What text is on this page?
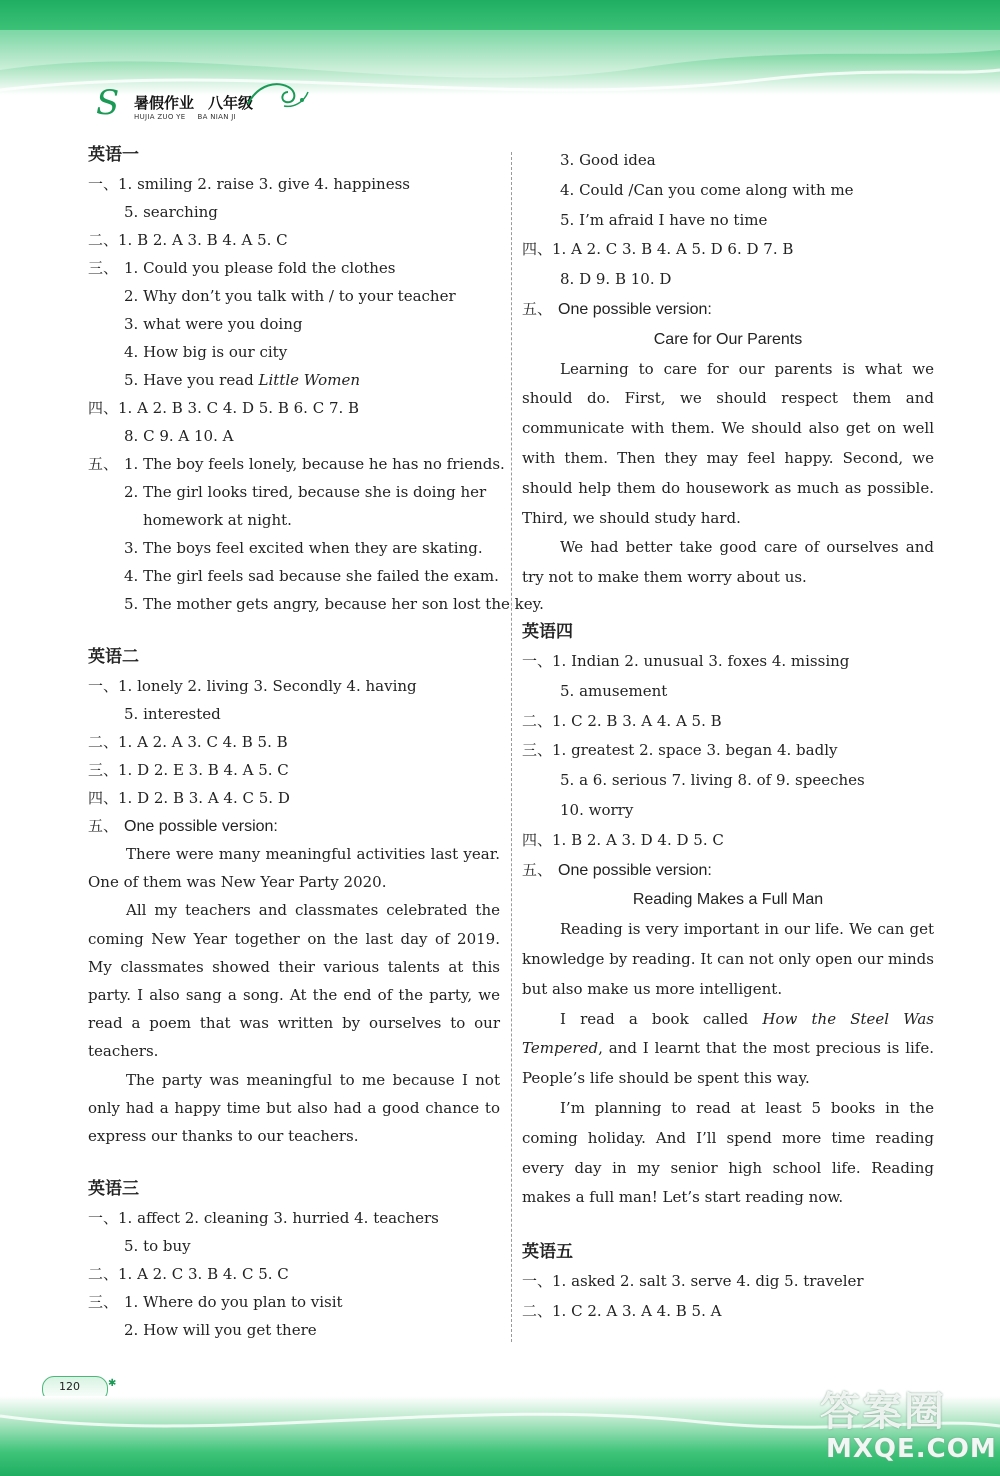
S 暑假作业 八年级
HUJIA ZUO YE BA NIAN JI
英语一
一、1. smiling 2. raise 3. give 4. happiness
5. searching
二、1. B 2. A 3. B 4. A 5. C
三、 1. Could you please fold the clothes
2. Why don’t you talk with / to your teacher
3. what were you doing
4. How big is our city
5. Have you read Little Women
四、1. A 2. B 3. C 4. D 5. B 6. C 7. B
8. C 9. A 10. A
五、 1. The boy feels lonely, because he has no friends.
2. The girl looks tired, because she is doing her
homework at night.
3. The boys feel excited when they are skating.
4. The girl feels sad because she failed the exam.
5. The mother gets angry, because her son lost the key.
英语二
一、1. lonely 2. living 3. Secondly 4. having
5. interested
二、1. A 2. A 3. C 4. B 5. B
三、1. D 2. E 3. B 4. A 5. C
四、1. D 2. B 3. A 4. C 5. D
五、 One possible version:
There were many meaningful activities last year. One of them was New Year Party 2020.
All my teachers and classmates celebrated the coming New Year together on the last day of 2019. My classmates showed their various talents at this party. I also sang a song. At the end of the party, we read a poem that was written by ourselves to our teachers.
The party was meaningful to me because I not only had a happy time but also had a good chance to express our thanks to our teachers.
英语三
一、1. affect 2. cleaning 3. hurried 4. teachers
5. to buy
二、1. A 2. C 3. B 4. C 5. C
三、 1. Where do you plan to visit
2. How will you get there
3. Good idea
4. Could /Can you come along with me
5. I’m afraid I have no time
四、1. A 2. C 3. B 4. A 5. D 6. D 7. B
8. D 9. B 10. D
五、 One possible version:
Care for Our Parents
Learning to care for our parents is what we should do. First, we should respect them and communicate with them. We should also get on well with them. Then they may feel happy. Second, we should help them do housework as much as possible. Third, we should study hard.
We had better take good care of ourselves and try not to make them worry about us.
英语四
一、1. Indian 2. unusual 3. foxes 4. missing
5. amusement
二、1. C 2. B 3. A 4. A 5. B
三、1. greatest 2. space 3. began 4. badly
5. a 6. serious 7. living 8. of 9. speeches
10. worry
四、1. B 2. A 3. D 4. D 5. C
五、 One possible version:
Reading Makes a Full Man
Reading is very important in our life. We can get knowledge by reading. It can not only open our minds but also make us more intelligent.
I read a book called How the Steel Was Tempered, and I learnt that the most precious is life. People’s life should be spent this way.
I’m planning to read at least 5 books in the coming holiday. And I’ll spend more time reading every day in my senior high school life. Reading makes a full man! Let’s start reading now.
英语五
一、1. asked 2. salt 3. serve 4. dig 5. traveler
二、1. C 2. A 3. A 4. B 5. A
120	✱
答案圈
MXQE.COM
